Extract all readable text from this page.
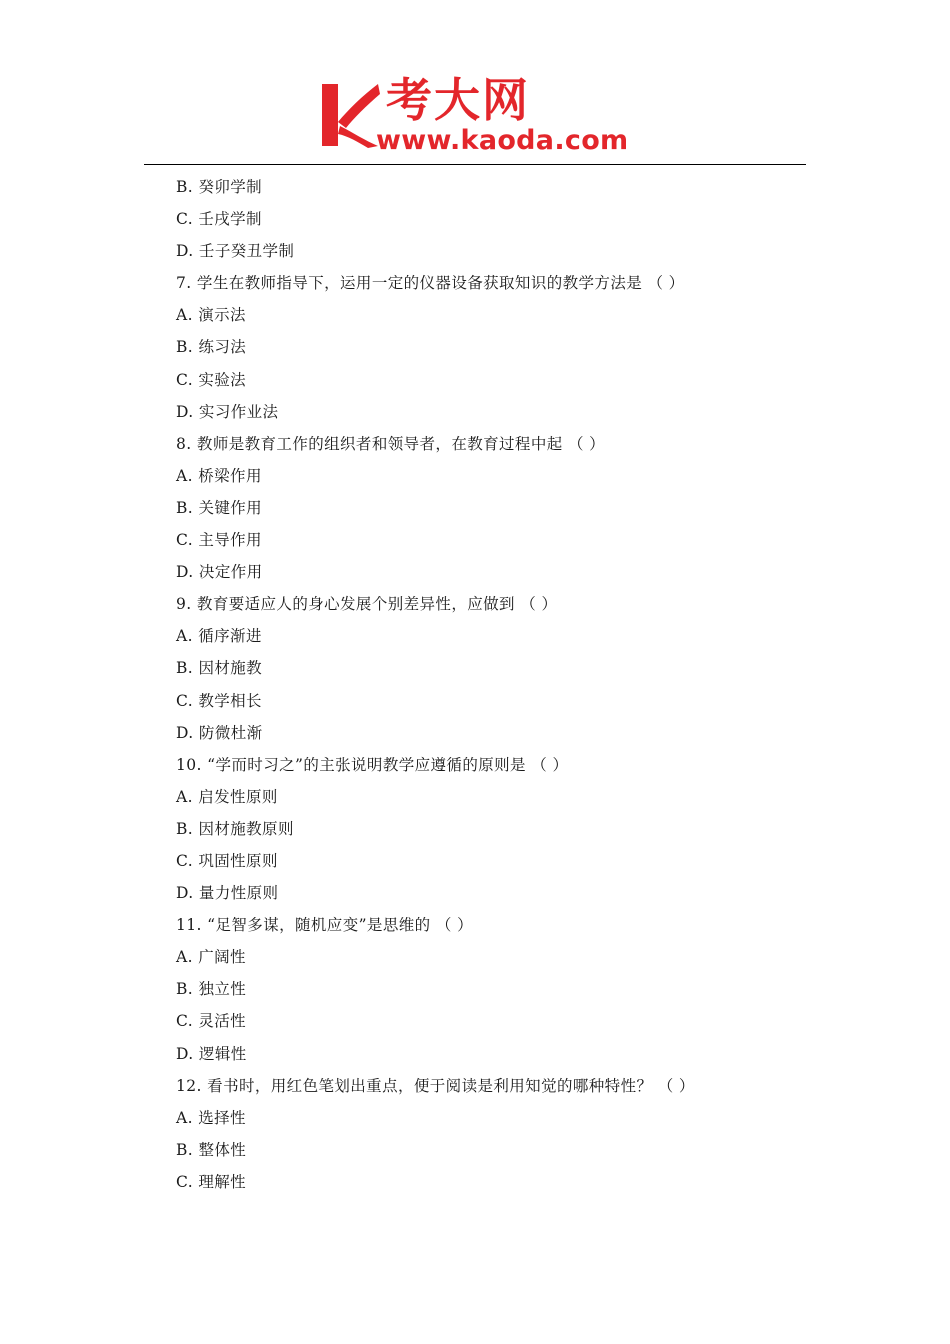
考大网
www.kaoda.com
B. 癸卯学制
C. 壬戌学制
D. 壬子癸丑学制
7. 学生在教师指导下，运用一定的仪器设备获取知识的教学方法是 （ ）
A. 演示法
B. 练习法
C. 实验法
D. 实习作业法
8. 教师是教育工作的组织者和领导者，在教育过程中起 （ ）
A. 桥梁作用
B. 关键作用
C. 主导作用
D. 决定作用
9. 教育要适应人的身心发展个别差异性，应做到 （ ）
A. 循序渐进
B. 因材施教
C. 教学相长
D. 防微杜渐
10. “学而时习之”的主张说明教学应遵循的原则是 （ ）
A. 启发性原则
B. 因材施教原则
C. 巩固性原则
D. 量力性原则
11. “足智多谋，随机应变”是思维的 （ ）
A. 广阔性
B. 独立性
C. 灵活性
D. 逻辑性
12. 看书时，用红色笔划出重点，便于阅读是利用知觉的哪种特性？ （ ）
A. 选择性
B. 整体性
C. 理解性
